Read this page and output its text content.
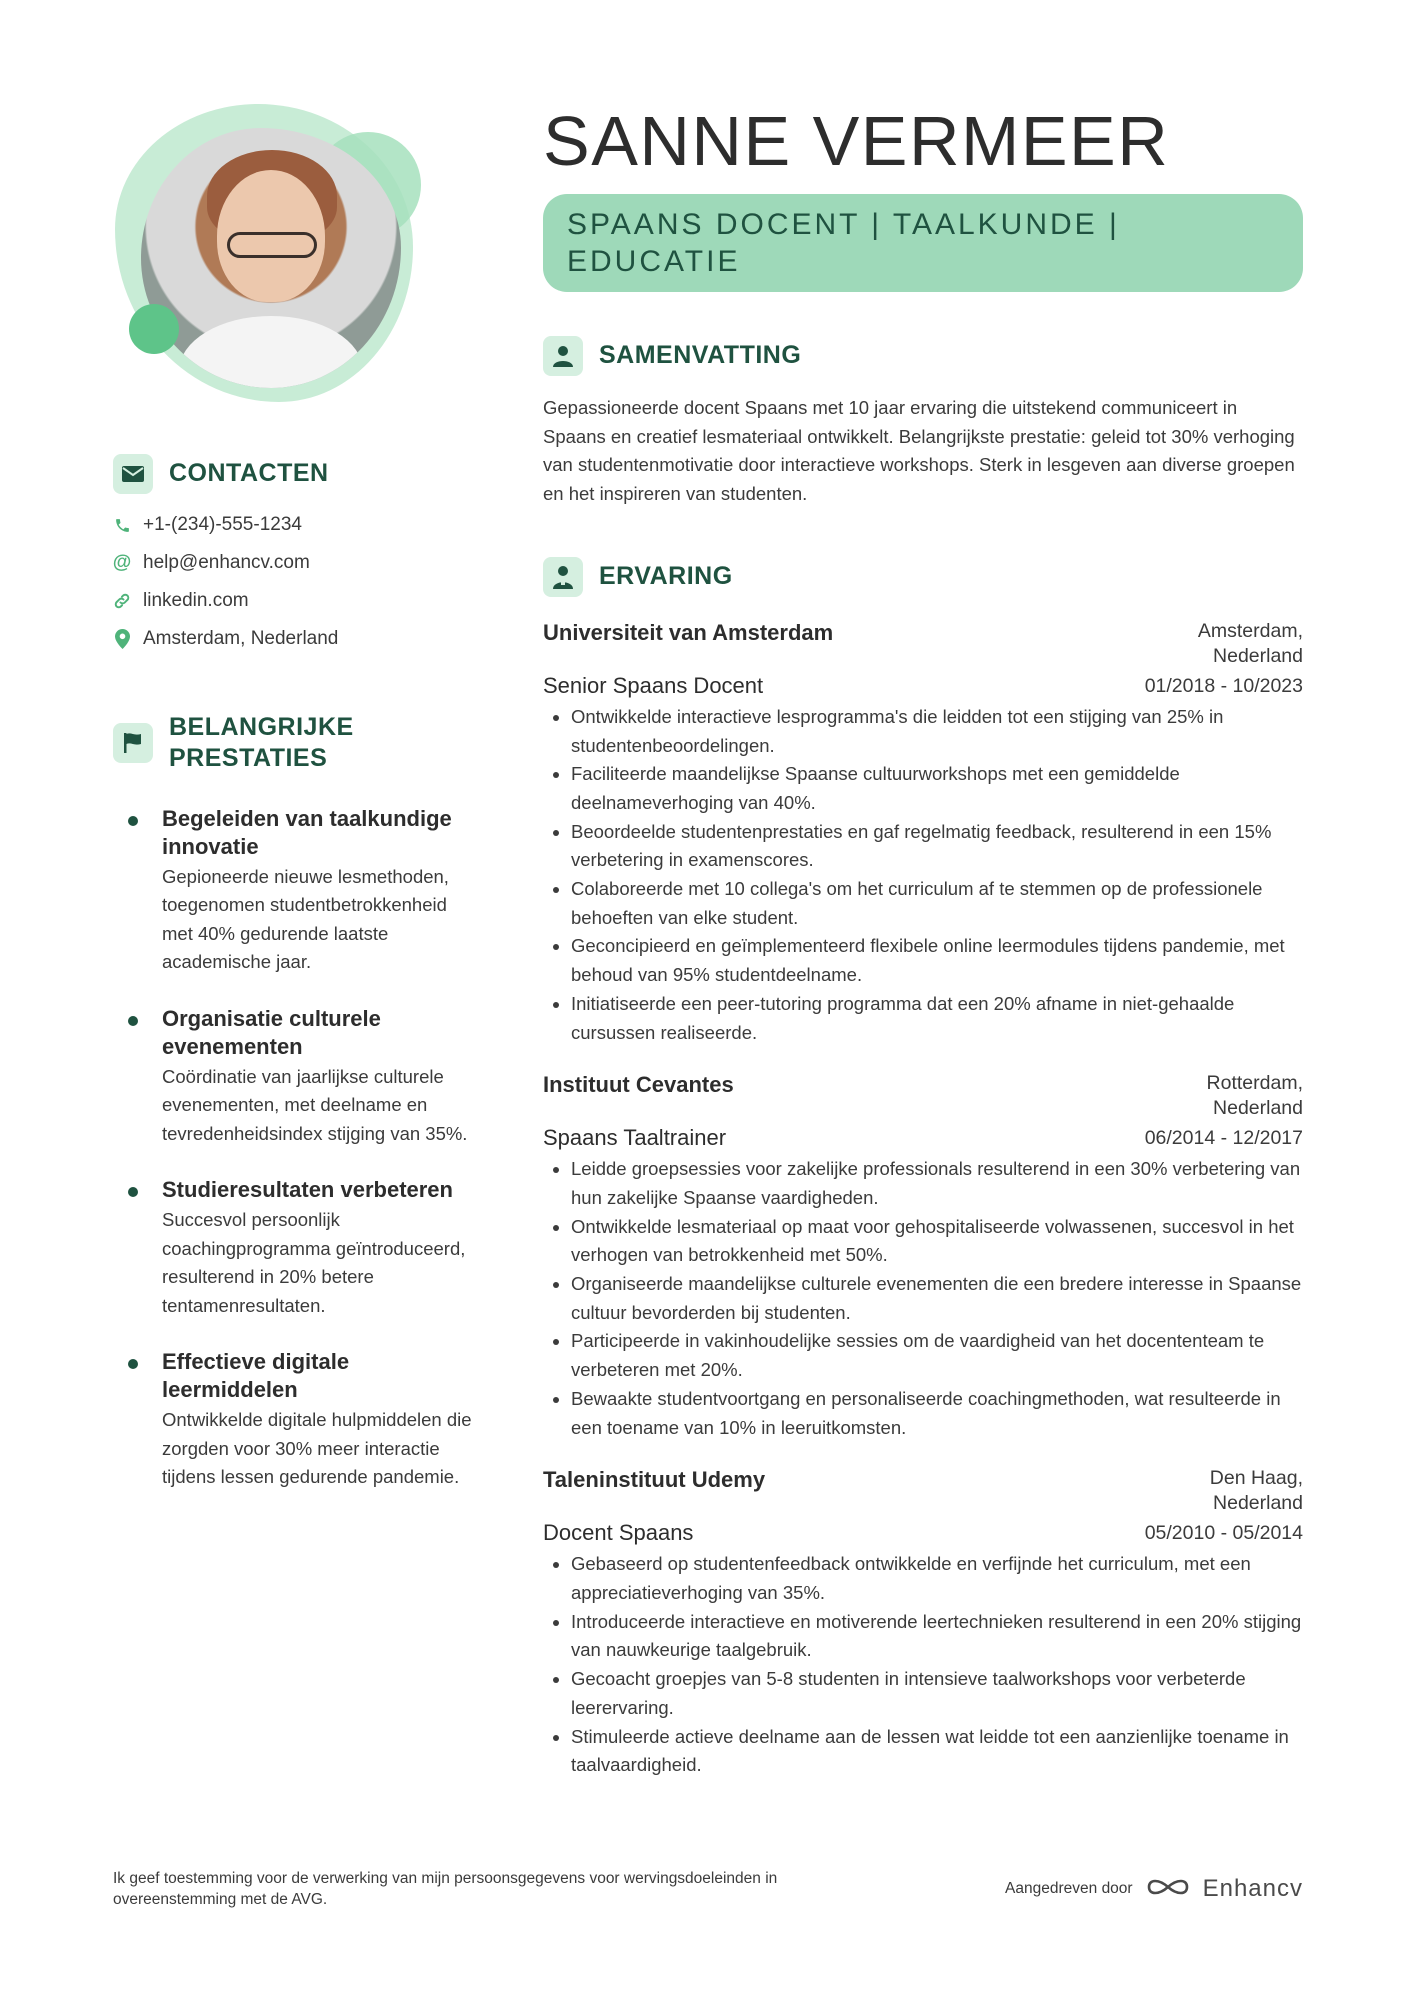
CONTACTEN
+1-(234)-555-1234
@ help@enhancv.com
linkedin.com
Amsterdam, Nederland
BELANGRIJKE PRESTATIES
Begeleiden van taalkundige innovatie
Gepioneerde nieuwe lesmethoden, toegenomen studentbetrokkenheid met 40% gedurende laatste academische jaar.
Organisatie culturele evenementen
Coördinatie van jaarlijkse culturele evenementen, met deelname en tevredenheidsindex stijging van 35%.
Studieresultaten verbeteren
Succesvol persoonlijk coachingprogramma geïntroduceerd, resulterend in 20% betere tentamenresultaten.
Effectieve digitale leermiddelen
Ontwikkelde digitale hulpmiddelen die zorgden voor 30% meer interactie tijdens lessen gedurende pandemie.
SANNE VERMEER
SPAANS DOCENT | TAALKUNDE | EDUCATIE
SAMENVATTING
Gepassioneerde docent Spaans met 10 jaar ervaring die uitstekend communiceert in Spaans en creatief lesmateriaal ontwikkelt. Belangrijkste prestatie: geleid tot 30% verhoging van studentenmotivatie door interactieve workshops. Sterk in lesgeven aan diverse groepen en het inspireren van studenten.
ERVARING
Universiteit van Amsterdam	Amsterdam,
Nederland
Senior Spaans Docent	01/2018 - 10/2023
• Ontwikkelde interactieve lesprogramma's die leidden tot een stijging van 25% in studentenbeoordelingen.
• Faciliteerde maandelijkse Spaanse cultuurworkshops met een gemiddelde deelnameverhoging van 40%.
• Beoordeelde studentenprestaties en gaf regelmatig feedback, resulterend in een 15% verbetering in examenscores.
• Colaboreerde met 10 collega's om het curriculum af te stemmen op de professionele behoeften van elke student.
• Geconcipieerd en geïmplementeerd flexibele online leermodules tijdens pandemie, met behoud van 95% studentdeelname.
• Initiatiseerde een peer-tutoring programma dat een 20% afname in niet-gehaalde cursussen realiseerde.
Instituut Cevantes	Rotterdam,
Nederland
Spaans Taaltrainer	06/2014 - 12/2017
• Leidde groepsessies voor zakelijke professionals resulterend in een 30% verbetering van hun zakelijke Spaanse vaardigheden.
• Ontwikkelde lesmateriaal op maat voor gehospitaliseerde volwassenen, succesvol in het verhogen van betrokkenheid met 50%.
• Organiseerde maandelijkse culturele evenementen die een bredere interesse in Spaanse cultuur bevorderden bij studenten.
• Participeerde in vakinhoudelijke sessies om de vaardigheid van het docententeam te verbeteren met 20%.
• Bewaakte studentvoortgang en personaliseerde coachingmethoden, wat resulteerde in een toename van 10% in leeruitkomsten.
Taleninstituut Udemy	Den Haag,
Nederland
Docent Spaans	05/2010 - 05/2014
• Gebaseerd op studentenfeedback ontwikkelde en verfijnde het curriculum, met een appreciatieverhoging van 35%.
• Introduceerde interactieve en motiverende leertechnieken resulterend in een 20% stijging van nauwkeurige taalgebruik.
• Gecoacht groepjes van 5-8 studenten in intensieve taalworkshops voor verbeterde leerervaring.
• Stimuleerde actieve deelname aan de lessen wat leidde tot een aanzienlijke toename in taalvaardigheid.
Ik geef toestemming voor de verwerking van mijn persoonsgegevens voor wervingsdoeleinden in overeenstemming met de AVG.
Aangedreven door	Enhancv
